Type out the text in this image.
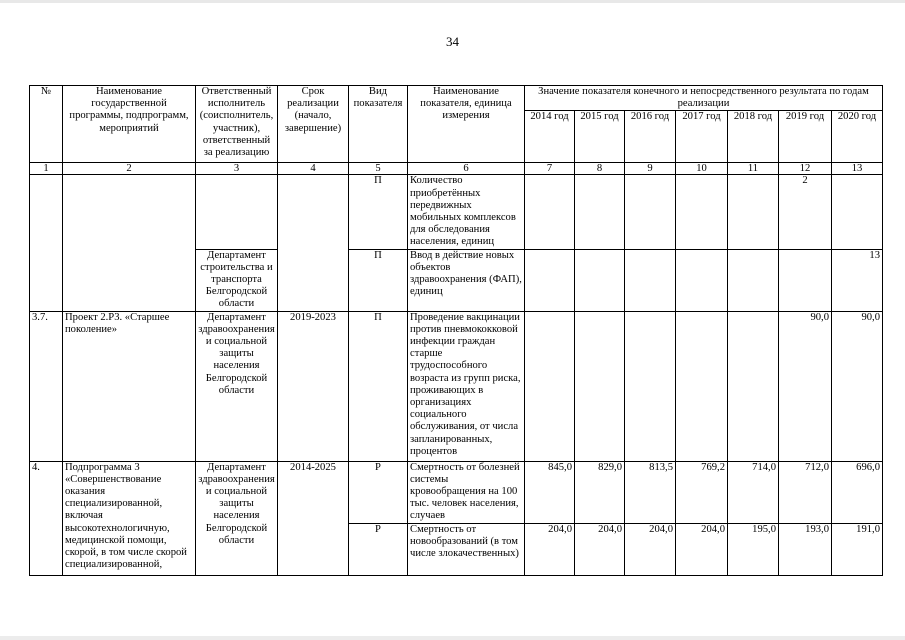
34
№	Наименование государственной программы, подпрограмм, мероприятий	Ответственный исполнитель (соисполнитель, участник), ответственный за реализацию	Срок реализации (начало, завершение)	Вид показателя	Наименование показателя, единица измерения	Значение показателя конечного и непосредственного результата по годам реализации						
						2014 год	2015 год	2016 год	2017 год	2018 год	2019 год	2020 год
1	2	3	4	5	6	7	8	9	10	11	12	13
				П	Количество приобретённых передвижных мобильных комплексов для обследования населения, единиц						2	
		Департамент строительства и транспорта Белгородской области		П	Ввод в действие новых объектов здравоохранения (ФАП), единиц							13
3.7.	Проект 2.Р3. «Старшее поколение»	Департамент здравоохранения и социальной защиты населения Белгородской области	2019-2023	П	Проведение вакцинации против пневмококковой инфекции граждан старше трудоспособного возраста из групп риска, проживающих в организациях социального обслуживания, от числа запланированных, процентов						90,0	90,0
4.	Подпрограмма 3 «Совершенствование оказания специализированной, включая высокотехнологичную, медицинской помощи, скорой, в том числе скорой специализированной,	Департамент здравоохранения и социальной защиты населения Белгородской области	2014-2025	Р	Смертность от болезней системы кровообращения на 100 тыс. человек населения, случаев	845,0	829,0	813,5	769,2	714,0	712,0	696,0
				Р	Смертность от новообразований (в том числе злокачественных)	204,0	204,0	204,0	204,0	195,0	193,0	191,0
